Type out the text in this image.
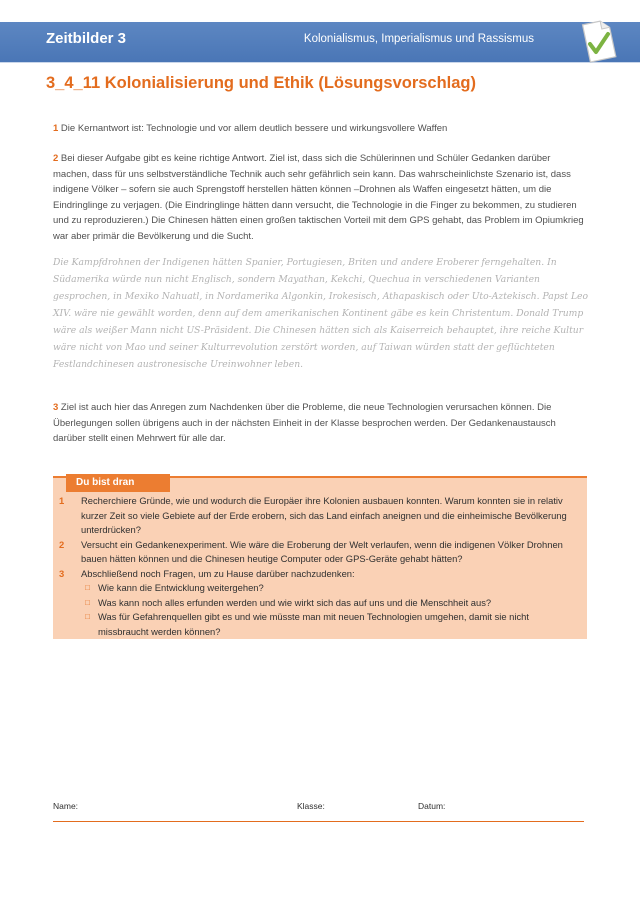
Zeitbilder 3	Kolonialismus, Imperialismus und Rassismus
3_4_11 Kolonialisierung und Ethik (Lösungsvorschlag)
1 Die Kernantwort ist: Technologie und vor allem deutlich bessere und wirkungsvollere Waffen
2 Bei dieser Aufgabe gibt es keine richtige Antwort. Ziel ist, dass sich die Schülerinnen und Schüler Gedanken darüber machen, dass für uns selbstverständliche Technik auch sehr gefährlich sein kann. Das wahrscheinlichste Szenario ist, dass indigene Völker – sofern sie auch Sprengstoff herstellen hätten können –Drohnen als Waffen eingesetzt hätten, um die Eindringlinge zu verjagen. (Die Eindringlinge hätten dann versucht, die Technologie in die Finger zu bekommen, zu studieren und zu reproduzieren.) Die Chinesen hätten einen großen taktischen Vorteil mit dem GPS gehabt, das Problem im Opiumkrieg war aber primär die Bevölkerung und die Sucht.
Die Kampfdrohnen der Indigenen hätten Spanier, Portugiesen, Briten und andere Eroberer ferngehalten. In Südamerika würde nun nicht Englisch, sondern Mayathan, Kekchi, Quechua in verschiedenen Varianten gesprochen, in Mexiko Nahuatl, in Nordamerika Algonkin, Irokesisch, Athapaskisch oder Uto-Aztekisch. Papst Leo XIV. wäre nie gewählt worden, denn auf dem amerikanischen Kontinent gäbe es kein Christentum. Donald Trump wäre als weißer Mann nicht US-Präsident. Die Chinesen hätten sich als Kaiserreich behauptet, ihre reiche Kultur wäre nicht von Mao und seiner Kulturrevolution zerstört worden, auf Taiwan würden statt der geflüchteten Festlandchinesen austronesische Ureinwohner leben.
3 Ziel ist auch hier das Anregen zum Nachdenken über die Probleme, die neue Technologien verursachen können. Die Überlegungen sollen übrigens auch in der nächsten Einheit in der Klasse besprochen werden. Der Gedankenaustausch darüber stellt einen Mehrwert für alle dar.
Du bist dran
1	Recherchiere Gründe, wie und wodurch die Europäer ihre Kolonien ausbauen konnten. Warum konnten sie in relativ kurzer Zeit so viele Gebiete auf der Erde erobern, sich das Land einfach aneignen und die einheimische Bevölkerung unterdrücken?
2	Versucht ein Gedankenexperiment. Wie wäre die Eroberung der Welt verlaufen, wenn die indigenen Völker Drohnen bauen hätten können und die Chinesen heutige Computer oder GPS-Geräte gehabt hätten?
3	Abschließend noch Fragen, um zu Hause darüber nachzudenken:
□ Wie kann die Entwicklung weitergehen?
□ Was kann noch alles erfunden werden und wie wirkt sich das auf uns und die Menschheit aus?
□ Was für Gefahrenquellen gibt es und wie müsste man mit neuen Technologien umgehen, damit sie nicht missbraucht werden können?
Name:	Klasse:	Datum:
